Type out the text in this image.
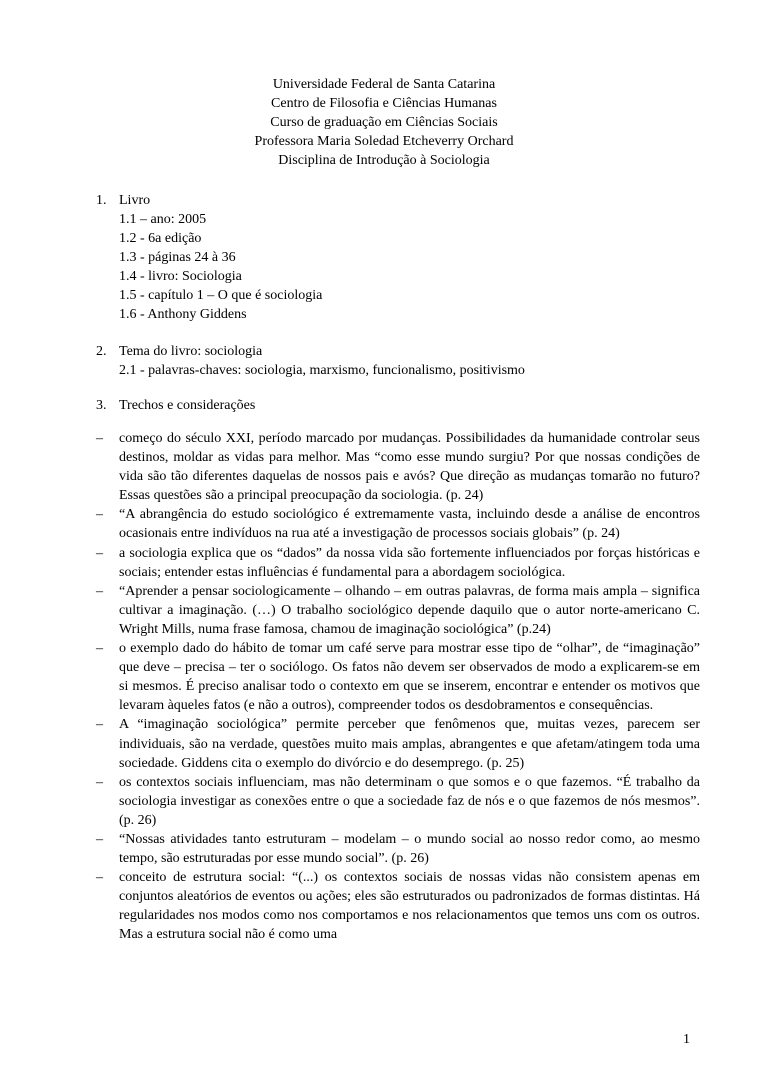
Universidade Federal de Santa Catarina
Centro de Filosofia e Ciências Humanas
Curso de graduação em Ciências Sociais
Professora Maria Soledad Etcheverry Orchard
Disciplina de Introdução à Sociologia
1. Livro
1.1 – ano: 2005
1.2 - 6a edição
1.3 - páginas 24 à 36
1.4 - livro: Sociologia
1.5 - capítulo 1 – O que é sociologia
1.6 - Anthony Giddens
2. Tema do livro: sociologia
2.1 - palavras-chaves: sociologia, marxismo, funcionalismo, positivismo
3. Trechos e considerações
– começo do século XXI, período marcado por mudanças. Possibilidades da humanidade controlar seus destinos, moldar as vidas para melhor. Mas “como esse mundo surgiu? Por que nossas condições de vida são tão diferentes daquelas de nossos pais e avós? Que direção as mudanças tomarão no futuro? Essas questões são a principal preocupação da sociologia. (p. 24)
– “A abrangência do estudo sociológico é extremamente vasta, incluindo desde a análise de encontros ocasionais entre indivíduos na rua até a investigação de processos sociais globais” (p. 24)
– a sociologia explica que os “dados” da nossa vida são fortemente influenciados por forças históricas e sociais; entender estas influências é fundamental para a abordagem sociológica.
– “Aprender a pensar sociologicamente – olhando – em outras palavras, de forma mais ampla – significa cultivar a imaginação. (…) O trabalho sociológico depende daquilo que o autor norte-americano C. Wright Mills, numa frase famosa, chamou de imaginação sociológica” (p.24)
– o exemplo dado do hábito de tomar um café serve para mostrar esse tipo de “olhar”, de “imaginação” que deve – precisa – ter o sociólogo. Os fatos não devem ser observados de modo a explicarem-se em si mesmos. É preciso analisar todo o contexto em que se inserem, encontrar e entender os motivos que levaram àqueles fatos (e não a outros), compreender todos os desdobramentos e consequências.
– A “imaginação sociológica” permite perceber que fenômenos que, muitas vezes, parecem ser individuais, são na verdade, questões muito mais amplas, abrangentes e que afetam/atingem toda uma sociedade. Giddens cita o exemplo do divórcio e do desemprego. (p. 25)
– os contextos sociais influenciam, mas não determinam o que somos e o que fazemos. “É trabalho da sociologia investigar as conexões entre o que a sociedade faz de nós e o que fazemos de nós mesmos”. (p. 26)
– “Nossas atividades tanto estruturam – modelam – o mundo social ao nosso redor como, ao mesmo tempo, são estruturadas por esse mundo social”. (p. 26)
– conceito de estrutura social: “(...) os contextos sociais de nossas vidas não consistem apenas em conjuntos aleatórios de eventos ou ações; eles são estruturados ou padronizados de formas distintas. Há regularidades nos modos como nos comportamos e nos relacionamentos que temos uns com os outros. Mas a estrutura social não é como uma
1
